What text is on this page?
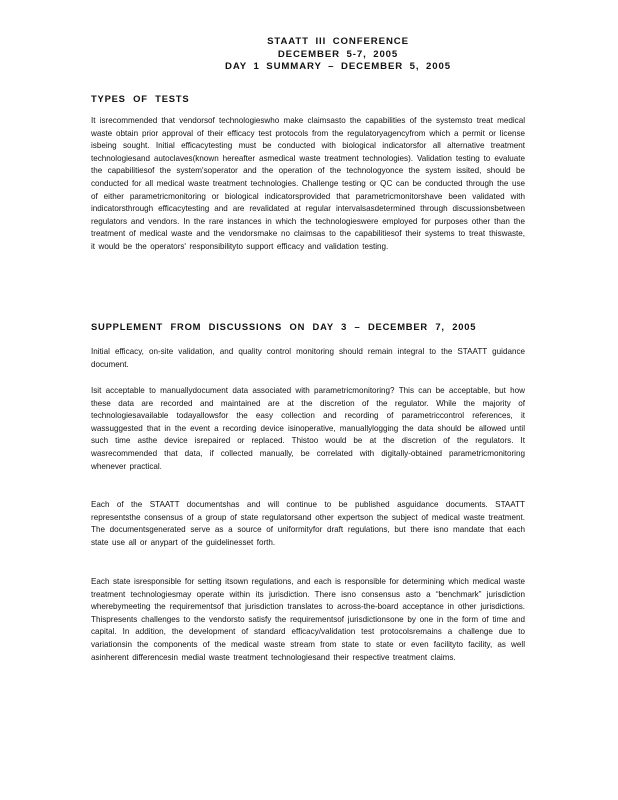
STAATT III CONFERENCE
DECEMBER 5-7, 2005
DAY 1 SUMMARY – DECEMBER 5, 2005
TYPES OF TESTS

It isrecommended that vendorsof technologieswho make claimsasto the capabilities of the systemsto treat medical waste obtain prior approval of their efficacy test protocols from the regulatoryagencyfrom which a permit or license isbeing sought. Initial efficacytesting must be conducted with biological indicatorsfor all alternative treatment technologiesand autoclaves(known hereafter asmedical waste treatment technologies). Validation testing to evaluate the capabilitiesof the system'soperator and the operation of the technologyonce the system issited, should be conducted for all medical waste treatment technologies. Challenge testing or QC can be conducted through the use of either parametricmonitoring or biological indicatorsprovided that parametricmonitorshave been validated with indicatorsthrough efficacytesting and are revalidated at regular intervalsasdetermined through discussionsbetween regulators and vendors. In the rare instances in which the technologieswere employed for purposes other than the treatment of medical waste and the vendorsmake no claimsas to the capabilitiesof their systems to treat thiswaste, it would be the operators' responsibilityto support efficacy and validation testing.

SUPPLEMENT FROM DISCUSSIONS ON DAY 3 – DECEMBER 7, 2005

Initial efficacy, on-site validation, and quality control monitoring should remain integral to the STAATT guidance document.

Isit acceptable to manuallydocument data associated with parametricmonitoring? This can be acceptable, but how these data are recorded and maintained are at the discretion of the regulator. While the majority of technologiesavailable todayallowsfor the easy collection and recording of parametriccontrol references, it wassuggested that in the event a recording device isinoperative, manuallylogging the data should be allowed until such time asthe device isrepaired or replaced. Thistoo would be at the discretion of the regulators. It wasrecommended that data, if collected manually, be correlated with digitally-obtained parametricmonitoring whenever practical.

Each of the STAATT documentshas and will continue to be published asguidance documents. STAATT representsthe consensus of a group of state regulatorsand other expertson the subject of medical waste treatment. The documentsgenerated serve as a source of uniformityfor draft regulations, but there isno mandate that each state use all or anypart of the guidelinesset forth.

Each state isresponsible for setting itsown regulations, and each is responsible for determining which medical waste treatment technologiesmay operate within its jurisdiction. There isno consensus asto a “benchmark” jurisdiction wherebymeeting the requirementsof that jurisdiction translates to across-the-board acceptance in other jurisdictions. Thispresents challenges to the vendorsto satisfy the requirementsof jurisdictionsone by one in the form of time and capital. In addition, the development of standard efficacy/validation test protocolsremains a challenge due to variationsin the components of the medical waste stream from state to state or even facilityto facility, as well asinherent differencesin medial waste treatment technologiesand their respective treatment claims.
